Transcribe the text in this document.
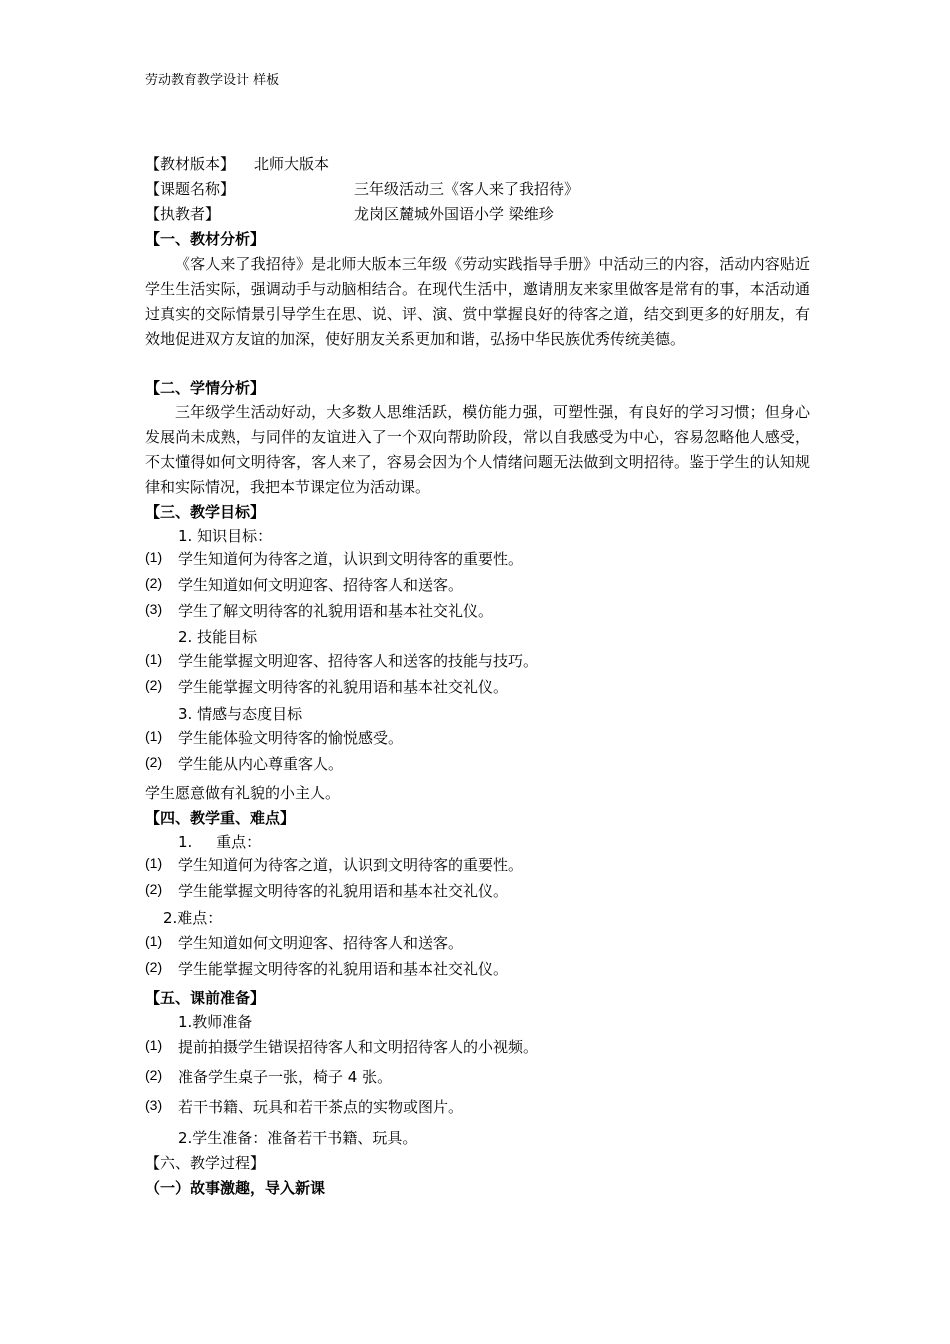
劳动教育教学设计 样板
【教材版本】 北师大版本
【课题名称】	三年级活动三《客人来了我招待》
【执教者】	龙岗区麓城外国语小学 梁维珍
【一、教材分析】
《客人来了我招待》是北师大版本三年级《劳动实践指导手册》中活动三的内容，活动内容贴近学生生活实际，强调动手与动脑相结合。在现代生活中，邀请朋友来家里做客是常有的事，本活动通过真实的交际情景引导学生在思、说、评、演、赏中掌握良好的待客之道，结交到更多的好朋友，有效地促进双方友谊的加深，使好朋友关系更加和谐，弘扬中华民族优秀传统美德。
【二、学情分析】
三年级学生活动好动，大多数人思维活跃，模仿能力强，可塑性强，有良好的学习习惯；但身心发展尚未成熟，与同伴的友谊进入了一个双向帮助阶段，常以自我感受为中心，容易忽略他人感受，不太懂得如何文明待客，客人来了，容易会因为个人情绪问题无法做到文明招待。鉴于学生的认知规律和实际情况，我把本节课定位为活动课。
【三、教学目标】
1. 知识目标：
(1) 学生知道何为待客之道，认识到文明待客的重要性。
(2) 学生知道如何文明迎客、招待客人和送客。
(3) 学生了解文明待客的礼貌用语和基本社交礼仪。
2. 技能目标
(1) 学生能掌握文明迎客、招待客人和送客的技能与技巧。
(2) 学生能掌握文明待客的礼貌用语和基本社交礼仪。
3. 情感与态度目标
(1) 学生能体验文明待客的愉悦感受。
(2) 学生能从内心尊重客人。
学生愿意做有礼貌的小主人。
【四、教学重、难点】
1.     重点：
(1) 学生知道何为待客之道，认识到文明待客的重要性。
(2) 学生能掌握文明待客的礼貌用语和基本社交礼仪。
2.难点：
(1) 学生知道如何文明迎客、招待客人和送客。
(2) 学生能掌握文明待客的礼貌用语和基本社交礼仪。
【五、课前准备】
1.教师准备
(1) 提前拍摄学生错误招待客人和文明招待客人的小视频。
(2) 准备学生桌子一张，椅子 4 张。
(3) 若干书籍、玩具和若干茶点的实物或图片。
2.学生准备：准备若干书籍、玩具。
【六、教学过程】
（一）故事激趣，导入新课
